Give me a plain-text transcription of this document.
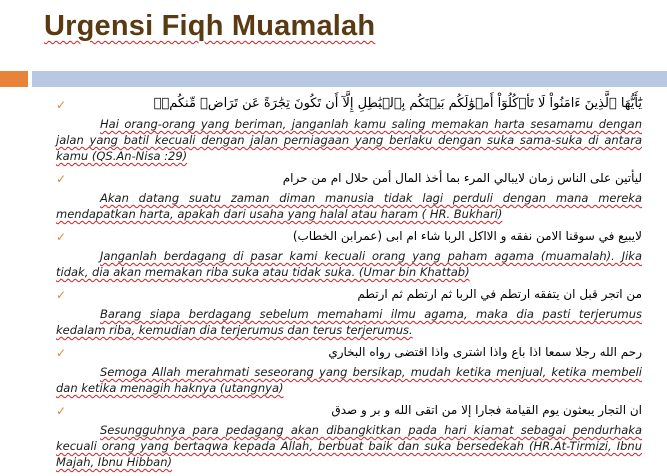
Urgensi Fiqh Muamalah
✓	يَٰٓأَيُّهَا ٱلَّذِينَ ءَامَنُواْ لَا تَأۡكُلُوٓاْ أَمۡوَٰلَكُم بَيۡنَكُم بِٱلۡبَٰطِلِ إِلَّآ أَن تَكُونَ تِجَٰرَةً عَن تَرَاضٖ مِّنكُمۡۚ
Hai orang-orang yang beriman, janganlah kamu saling memakan harta sesamamu dengan jalan yang batil kecuali dengan jalan perniagaan yang berlaku dengan suka sama-suka di antara kamu (QS.An-Nisa :29)
✓	ليأتين على الناس زمان لايبالي المرء بما أخذ المال أمن حلال ام من حرام
Akan datang suatu zaman diman manusia tidak lagi perduli dengan mana mereka mendapatkan harta, apakah dari usaha yang halal atau haram ( HR. Bukhari)
✓	لايبيع في سوقنا الامن نفقه و الااكل الربا شاء ام ابى (عمرابن الخطاب)
Janganlah berdagang di pasar kami kecuali orang yang paham agama (muamalah). Jika tidak, dia akan memakan riba suka atau tidak suka. (Umar bin Khattab)
✓	من اتجر قبل ان يتفقه ارتطم في الربا ثم ارتطم ثم ارتطم
Barang siapa berdagang sebelum memahami ilmu agama, maka dia pasti terjerumus kedalam riba, kemudian dia terjerumus dan terus terjerumus.
✓	رحم الله رجلا سمعا اذا باع واذا اشترى واذا اقتضى رواه البخاري
Semoga Allah merahmati seseorang yang bersikap, mudah ketika menjual, ketika membeli dan ketika menagih haknya (utangnya)
✓	ان التجار يبعثون يوم القيامة فجارا إلا من اتقى الله و بر و صدق
Sesungguhnya para pedagang akan dibangkitkan pada hari kiamat sebagai pendurhaka kecuali orang yang bertaqwa kepada Allah, berbuat baik dan suka bersedekah (HR.At-Tirmizi, Ibnu Majah, Ibnu Hibban)
